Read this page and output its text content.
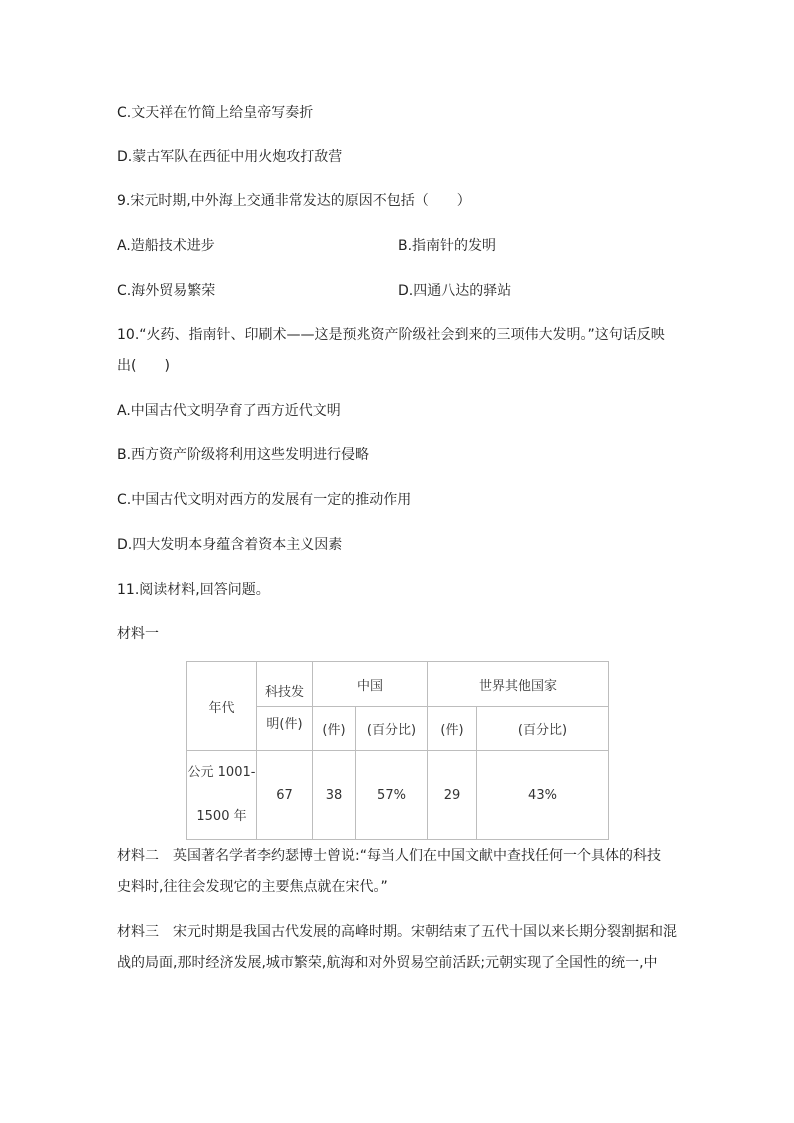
C.文天祥在竹简上给皇帝写奏折
D.蒙古军队在西征中用火炮攻打敌营
9.宋元时期,中外海上交通非常发达的原因不包括（　　）
A.造船技术进步	B.指南针的发明
C.海外贸易繁荣	D.四通八达的驿站
10.“火药、指南针、印刷术——这是预兆资产阶级社会到来的三项伟大发明。”这句话反映
出(　　)
A.中国古代文明孕育了西方近代文明
B.西方资产阶级将利用这些发明进行侵略
C.中国古代文明对西方的发展有一定的推动作用
D.四大发明本身蕴含着资本主义因素
11.阅读材料,回答问题。
材料一
年代	科技发	中国		世界其他国家	
	明(件)	(件)	(百分比)	(件)	(百分比)

公元 1001-
1500 年	67	38	57%	29	43%
材料二　英国著名学者李约瑟博士曾说:“每当人们在中国文献中查找任何一个具体的科技
史料时,往往会发现它的主要焦点就在宋代。”
材料三　宋元时期是我国古代发展的高峰时期。宋朝结束了五代十国以来长期分裂割据和混
战的局面,那时经济发展,城市繁荣,航海和对外贸易空前活跃;元朝实现了全国性的统一,中
